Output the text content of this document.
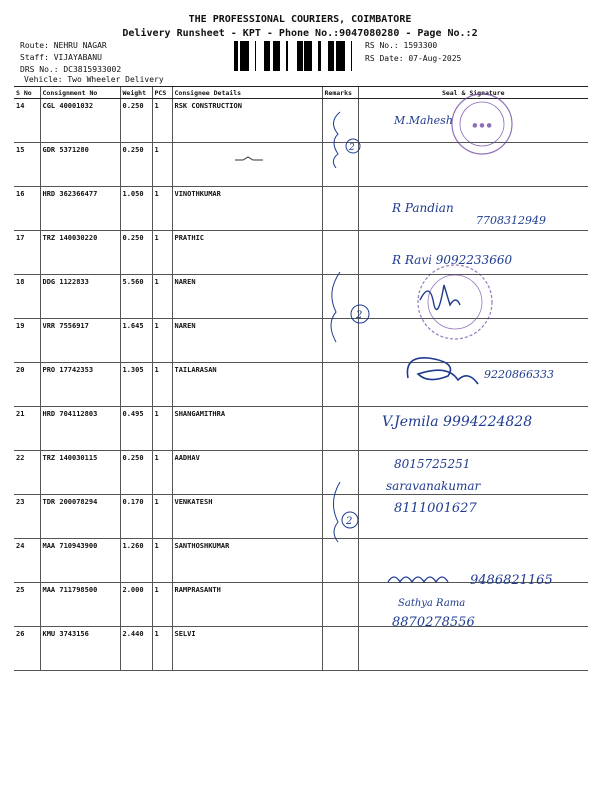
THE PROFESSIONAL COURIERS, COIMBATORE
Delivery Runsheet - KPT - Phone No.:9047080280 - Page No.:2
Route: NEHRU NAGAR
Staff: VIJAYABANU
DRS No.: DC3815933002
Vehicle: Two Wheeler Delivery
RS No.: 1593300
RS Date: 07-Aug-2025
S No	Consignment No	Weight	PCS	Consignee Details	Remarks	Seal & Signature
14	CGL 40001032	0.250	1	RSK CONSTRUCTION		
15	GDR 5371280	0.250	1			
16	HRD 362366477	1.050	1	VINOTHKUMAR		
17	TRZ 140030220	0.250	1	PRATHIC		
18	DDG 1122833	5.560	1	NAREN		
19	VRR 7556917	1.645	1	NAREN		
20	PRO 17742353	1.305	1	TAILARASAN		
21	HRD 704112803	0.495	1	SHANGAMITHRA		
22	TRZ 140030115	0.250	1	AADHAV		
23	TDR 200078294	0.170	1	VENKATESH		
24	MAA 710943900	1.260	1	SANTHOSHKUMAR		
25	MAA 711798500	2.000	1	RAMPRASANTH		
26	KMU 3743156	2.440	1	SELVI		
● ● ●
2
2
2
M.Mahesh
R Pandian
7708312949
R Ravi 9092233660
9220866333
V.Jemila 9994224828
8015725251
saravanakumar
8111001627
9486821165
Sathya Rama
8870278556
